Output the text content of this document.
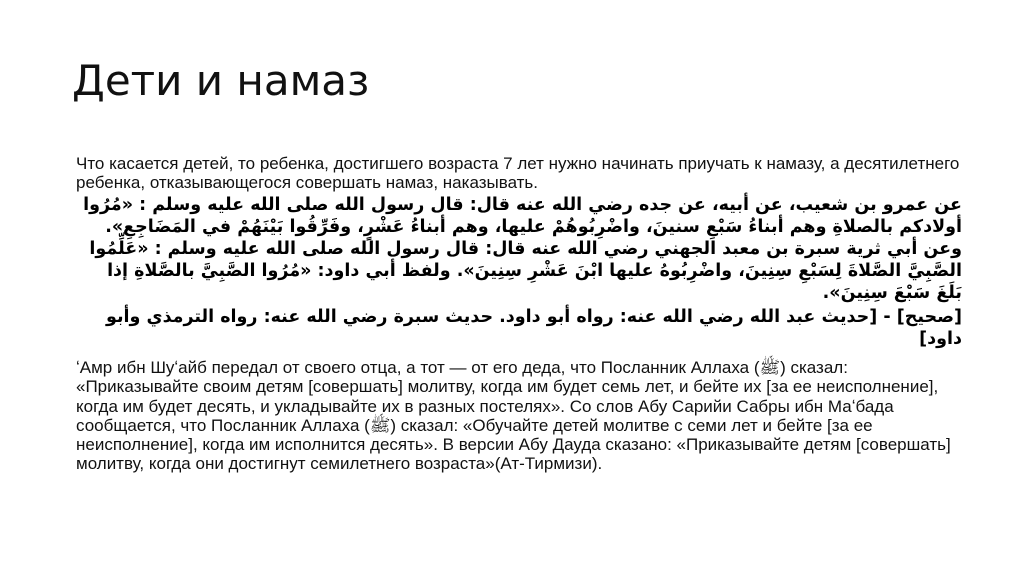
Дети и намаз

Что касается детей, то ребенка, достигшего возраста 7 лет нужно начинать приучать к намазу, а десятилетнего ребенка, отказывающегося совершать намаз, наказывать.

عن عمرو بن شعيب، عن أبيه، عن جده رضي الله عنه قال: قال رسول الله صلى الله عليه وسلم : «مُرُوا أولادكم بالصلاةِ وهم أبناءُ سَبْعِ سنينَ، واضْرِبُوهُمْ عليها، وهم أبناءُ عَشْرٍ، وفَرِّقُوا بَيْنَهُمْ في المَضَاجِعِ». وعن أبي ثرية سبرة بن معبد الجهني رضي الله عنه قال: قال رسول الله صلى الله عليه وسلم : «عَلِّمُوا الصَّبِيَّ الصَّلاةَ لِسَبْعِ سِنِينَ، واضْرِبُوهُ عليها ابْنَ عَشْرِ سِنِينَ». ولفظ أبي داود: «مُرُوا الصَّبِيَّ بالصَّلاةِ إذا بَلَغَ سَبْعَ سِنِينَ».

[صحيح] - [حديث عبد الله رضي الله عنه: رواه أبو داود. حديث سبرة رضي الله عنه: رواه الترمذي وأبو داود]

ʻАмр ибн Шуʻайб передал от своего отца, а тот — от его деда, что Посланник Аллаха (ﷺ) сказал: «Приказывайте своим детям [совершать] молитву, когда им будет семь лет, и бейте их [за ее неисполнение], когда им будет десять, и укладывайте их в разных постелях». Со слов Абу Сарийи Сабры ибн Маʻбада сообщается, что Посланник Аллаха (ﷺ) сказал: «Обучайте детей молитве с семи лет и бейте [за ее неисполнение], когда им исполнится десять». В версии Абу Дауда сказано: «Приказывайте детям [совершать] молитву, когда они достигнут семилетнего возраста»(Ат-Тирмизи).
